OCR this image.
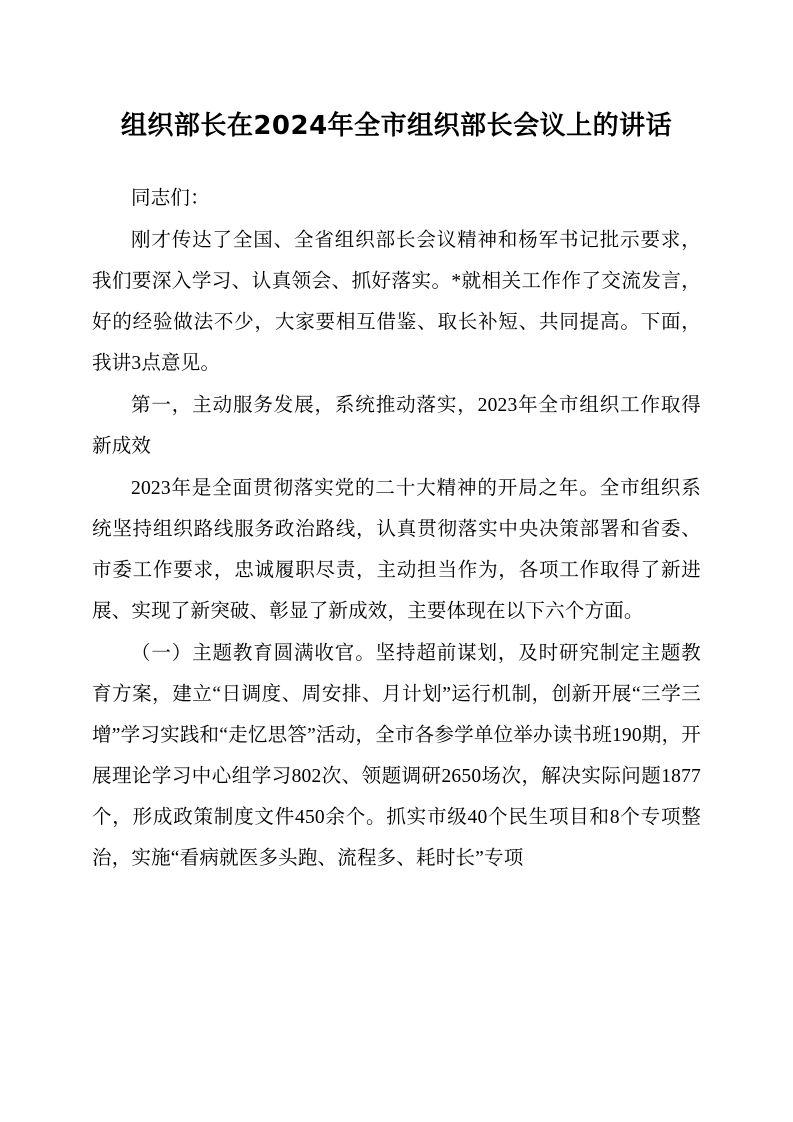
组织部长在2024年全市组织部长会议上的讲话

同志们：

刚才传达了全国、全省组织部长会议精神和杨军书记批示要求，我们要深入学习、认真领会、抓好落实。*就相关工作作了交流发言，好的经验做法不少，大家要相互借鉴、取长补短、共同提高。下面，我讲3点意见。

第一，主动服务发展，系统推动落实，2023年全市组织工作取得新成效

2023年是全面贯彻落实党的二十大精神的开局之年。全市组织系统坚持组织路线服务政治路线，认真贯彻落实中央决策部署和省委、市委工作要求，忠诚履职尽责，主动担当作为，各项工作取得了新进展、实现了新突破、彰显了新成效，主要体现在以下六个方面。

（一）主题教育圆满收官。坚持超前谋划，及时研究制定主题教育方案，建立“日调度、周安排、月计划”运行机制，创新开展“三学三增”学习实践和“走忆思答”活动，全市各参学单位举办读书班190期，开展理论学习中心组学习802次、领题调研2650场次，解决实际问题1877个，形成政策制度文件450余个。抓实市级40个民生项目和8个专项整治，实施“看病就医多头跑、流程多、耗时长”专项
